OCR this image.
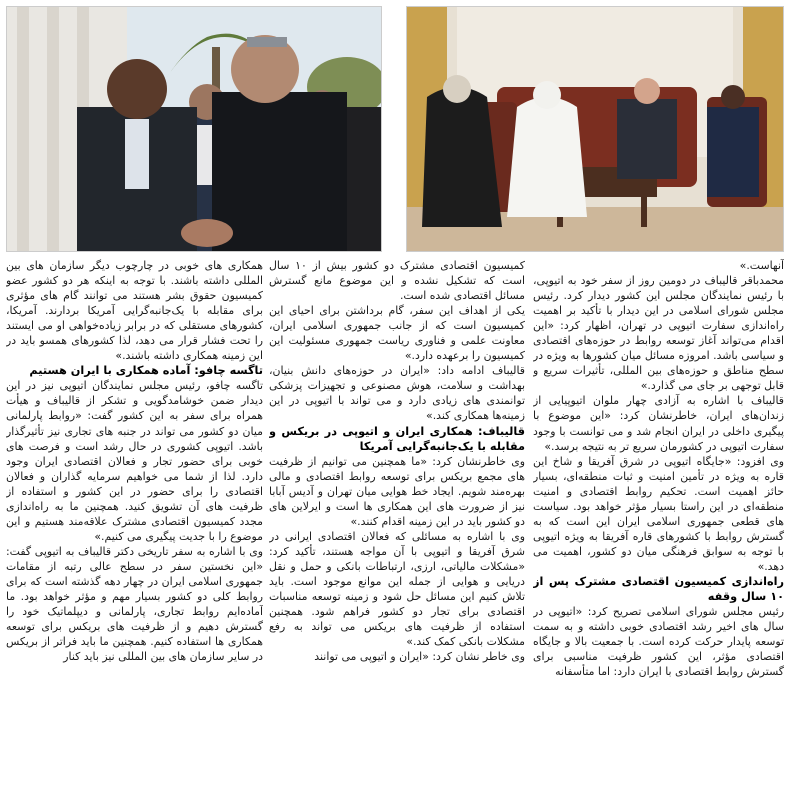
آنهاست.»

محمدباقر قالیباف در دومین روز از سفر خود به اتیوپی، با رئیس نمایندگان مجلس این کشور دیدار کرد. رئیس مجلس شورای اسلامی در این دیدار با تأکید بر اهمیت راه‌اندازی سفارت اتیوپی در تهران، اظهار کرد: «این اقدام می‌تواند آغاز توسعه روابط در حوزه‌های اقتصادی و سیاسی باشد. امروزه مسائل میان کشورها به ویژه در سطح مناطق و حوزه‌های بین المللی، تأثیرات سریع و قابل توجهی بر جای می گذارد.»

قالیباف با اشاره به آزادی چهار ملوان اتیوپیایی از زندان‌های ایران، خاطرنشان کرد: «این موضوع با پیگیری داخلی در ایران انجام شد و می توانست با وجود سفارت اتیوپی در کشورمان سریع تر به نتیجه برسد.»

وی افزود: «جایگاه اتیوپی در شرق آفریقا و شاخ این قاره به ویژه در تأمین امنیت و ثبات منطقه‌ای، بسیار حائز اهمیت است. تحکیم روابط اقتصادی و امنیت منطقه‌ای در این راستا بسیار مؤثر خواهد بود. سیاست های قطعی جمهوری اسلامی ایران این است که به گسترش روابط با کشورهای قاره آفریقا به ویژه اتیوپی با توجه به سوابق فرهنگی میان دو کشور، اهمیت می دهد.»

راه‌اندازی کمیسیون اقتصادی مشترک پس از ۱۰ سال وقفه

رئیس مجلس شورای اسلامی تصریح کرد: «اتیوپی در سال های اخیر رشد اقتصادی خوبی داشته و به سمت توسعه پایدار حرکت کرده است. با جمعیت بالا و جایگاه اقتصادی مؤثر، این کشور ظرفیت مناسبی برای گسترش روابط اقتصادی با ایران دارد: اما متأسفانه

کمیسیون اقتصادی مشترک دو کشور بیش از ۱۰ سال است که تشکیل نشده و این موضوع مانع گسترش مسائل اقتصادی شده است.

یکی از اهداف این سفر، گام برداشتن برای احیای این کمیسیون است که از جانب جمهوری اسلامی ایران، معاونت علمی و فناوری ریاست جمهوری مسئولیت این کمیسیون را برعهده دارد.»

قالیباف ادامه داد: «ایران در حوزه‌های دانش بنیان، بهداشت و سلامت، هوش مصنوعی و تجهیزات پزشکی توانمندی های زیادی دارد و می تواند با اتیوپی در این زمینه‌ها همکاری کند.»

قالیباف: همکاری ایران و اتیوپی در بریکس و مقابله با یک‌جانبه‌گرایی آمریکا

وی خاطرنشان کرد: «ما همچنین می توانیم از ظرفیت های مجمع بریکس برای توسعه روابط اقتصادی و مالی بهره‌مند شویم. ایجاد خط هوایی میان تهران و آدیس آبابا نیز از ضرورت های این همکاری ها است و ایرلاین های دو کشور باید در این زمینه اقدام کنند.»

وی با اشاره به مسائلی که فعالان اقتصادی ایرانی در شرق آفریقا و اتیوپی با آن مواجه هستند، تأکید کرد: «مشکلات مالیاتی، ارزی، ارتباطات بانکی و حمل و نقل دریایی و هوایی از جمله این موانع موجود است. باید تلاش کنیم این مسائل حل شود و زمینه توسعه مناسبات اقتصادی برای تجار دو کشور فراهم شود. همچنین استفاده از ظرفیت های بریکس می تواند به رفع مشکلات بانکی کمک کند.»

وی خاطر نشان کرد: «ایران و اتیوپی می توانند

همکاری های خوبی در چارچوب دیگر سازمان های بین المللی داشته باشند. با توجه به اینکه هر دو کشور عضو کمیسیون حقوق بشر هستند می توانند گام های مؤثری برای مقابله با یک‌جانبه‌گرایی آمریکا بردارند. آمریکا، کشورهای مستقلی که در برابر زیاده‌خواهی او می ایستند را تحت فشار قرار می دهد، لذا کشورهای همسو باید در این زمینه همکاری داشته باشند.»

تاگسه چافو: آماده همکاری با ایران هستیم

تاگسه چافو، رئیس مجلس نمایندگان اتیوپی نیز در این دیدار ضمن خوشامدگویی و تشکر از قالیباف و هیأت همراه برای سفر به این کشور گفت: «روابط پارلمانی میان دو کشور می تواند در جنبه های تجاری نیز تأثیرگذار باشد. اتیوپی کشوری در حال رشد است و فرصت های خوبی برای حضور تجار و فعالان اقتصادی ایران وجود دارد. لذا از شما می خواهیم سرمایه گذاران و فعالان اقتصادی را برای حضور در این کشور و استفاده از ظرفیت های آن تشویق کنید. همچنین ما به راه‌اندازی مجدد کمیسیون اقتصادی مشترک علاقه‌مند هستیم و این موضوع را با جدیت پیگیری می کنیم.»

وی با اشاره به سفر تاریخی دکتر قالیباف به اتیوپی گفت: «این نخستین سفر در سطح عالی رتبه از مقامات جمهوری اسلامی ایران در چهار دهه گذشته است که برای روابط کلی دو کشور بسیار مهم و مؤثر خواهد بود. ما آماده‌ایم روابط تجاری، پارلمانی و دیپلماتیک خود را گسترش دهیم و از ظرفیت های بریکس برای توسعه همکاری ها استفاده کنیم. همچنین ما باید فراتر از بریکس در سایر سازمان های بین المللی نیز باید کنار
